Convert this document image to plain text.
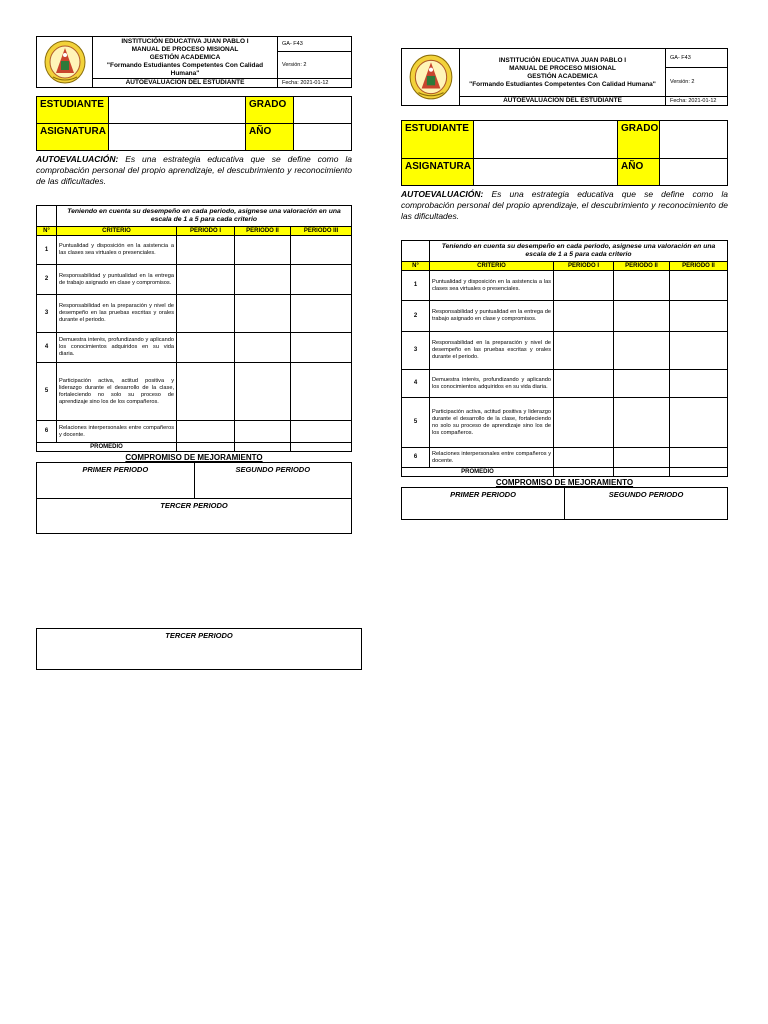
INSTITUCIÓN EDUCATIVA JUAN PABLO I
MANUAL DE PROCESO MISIONAL
GESTIÓN ACADEMICA
"Formando Estudiantes Competentes Con Calidad Humana"	GA- F43
		Versión: 2
	AUTOEVALUACIÓN DEL ESTUDIANTE	Fecha: 2021-01-12
ESTUDIANTE		GRADO	
ASIGNATURA		AÑO	
AUTOEVALUACIÓN: Es una estrategia educativa que se define como la comprobación personal del propio aprendizaje, el descubrimiento y reconocimiento de las dificultades.
	Teniendo en cuenta su desempeño en cada periodo, asignese una valoración en una escala de 1 a 5 para cada criterio			
N°	CRITERIO	PERIODO I	PERIODO II	PERIODO III
1	Puntualidad y disposición en la asistencia a las clases sea virtuales o presenciales.			
2	Responsabilidad y puntualidad en la entrega de trabajo asignado en clase y compromisos.			
3	Responsabilidad en la preparación y nivel de desempeño en las pruebas escritas y orales durante el periodo.			
4	Demuestra interés, profundizando y aplicando los conocimientos adquiridos en su vida diaria.			
5	Participación activa, actitud positiva y liderazgo durante el desarrollo de la clase, fortaleciendo no solo su proceso de aprendizaje sino los de los compañeros.			
6	Relaciones interpersonales entre compañeros y docente.			
PROMEDIO				
COMPROMISO DE MEJORAMIENTO
PRIMER PERIODO	SEGUNDO PERIODO
TERCER PERIODO

INSTITUCIÓN EDUCATIVA JUAN PABLO I
MANUAL DE PROCESO MISIONAL
GESTIÓN ACADEMICA
"Formando Estudiantes Competentes Con Calidad Humana"	GA- F43
		Versión: 2
	AUTOEVALUACIÓN DEL ESTUDIANTE	Fecha: 2021-01-12
ESTUDIANTE		GRADO	
ASIGNATURA		AÑO	
AUTOEVALUACIÓN: Es una estrategia educativa que se define como la comprobación personal del propio aprendizaje, el descubrimiento y reconocimiento de las dificultades.
	Teniendo en cuenta su desempeño en cada periodo, asignese una valoración en una escala de 1 a 5 para cada criterio			
N°	CRITERIO	PERIODO I	PERIODO II	PERIODO II
1	Puntualidad y disposición en la asistencia a las clases sea virtuales o presenciales.			
2	Responsabilidad y puntualidad en la entrega de trabajo asignado en clase y compromisos.			
3	Responsabilidad en la preparación y nivel de desempeño en las pruebas escritas y orales durante el periodo.			
4	Demuestra interés, profundizando y aplicando los conocimientos adquiridos en su vida diaria.			
5	Participación activa, actitud positiva y liderazgo durante el desarrollo de la clase, fortaleciendo no solo su proceso de aprendizaje sino los de los compañeros.			
6	Relaciones interpersonales entre compañeros y docente.			
PROMEDIO				
COMPROMISO DE MEJORAMIENTO
PRIMER PERIODO	SEGUNDO PERIODO
TERCER PERIODO
